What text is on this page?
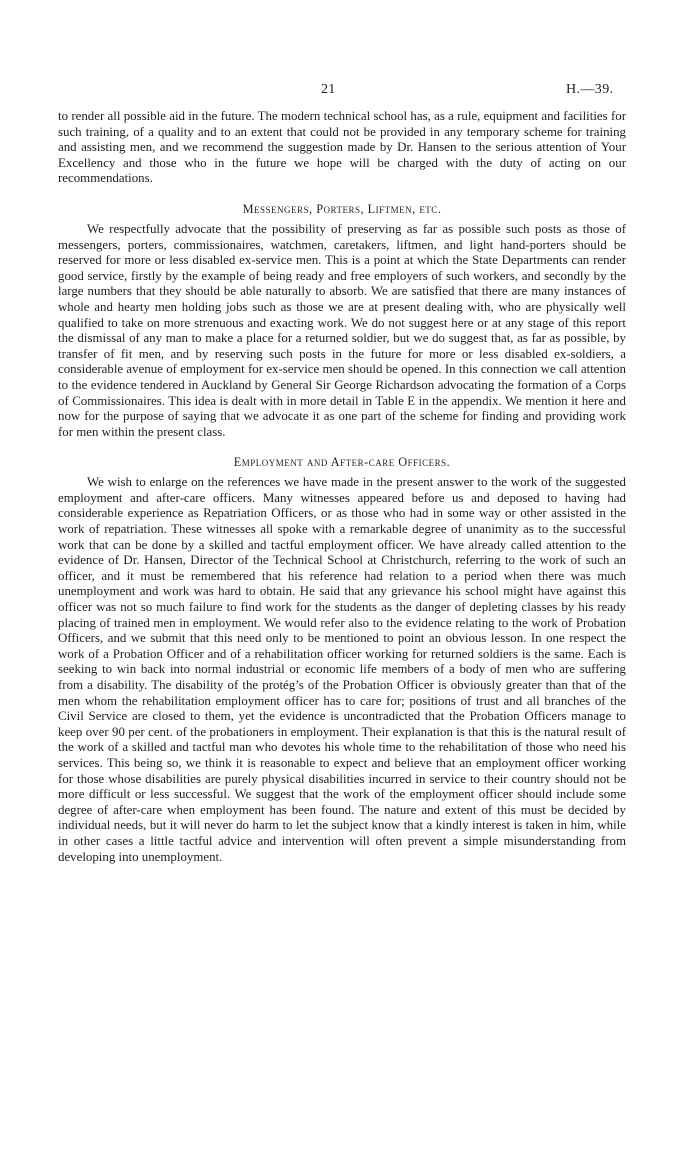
21	H.—39.

to render all possible aid in the future. The modern technical school has, as a rule, equipment and facilities for such training, of a quality and to an extent that could not be provided in any temporary scheme for training and assisting men, and we recommend the suggestion made by Dr. Hansen to the serious attention of Your Excellency and those who in the future we hope will be charged with the duty of acting on our recommendations.

Messengers, Porters, Liftmen, etc.

We respectfully advocate that the possibility of preserving as far as possible such posts as those of messengers, porters, commissionaires, watchmen, caretakers, liftmen, and light hand-porters should be reserved for more or less disabled ex-service men. This is a point at which the State Departments can render good service, firstly by the example of being ready and free employers of such workers, and secondly by the large numbers that they should be able naturally to absorb. We are satisfied that there are many instances of whole and hearty men holding jobs such as those we are at present dealing with, who are physically well qualified to take on more strenuous and exacting work. We do not suggest here or at any stage of this report the dismissal of any man to make a place for a returned soldier, but we do suggest that, as far as possible, by transfer of fit men, and by reserving such posts in the future for more or less disabled ex-soldiers, a considerable avenue of employment for ex-service men should be opened. In this connection we call attention to the evidence tendered in Auckland by General Sir George Richardson advocating the formation of a Corps of Commissionaires. This idea is dealt with in more detail in Table E in the appendix. We mention it here and now for the purpose of saying that we advocate it as one part of the scheme for finding and providing work for men within the present class.

Employment and After-care Officers.

We wish to enlarge on the references we have made in the present answer to the work of the suggested employment and after-care officers. Many witnesses appeared before us and deposed to having had considerable experience as Repatriation Officers, or as those who had in some way or other assisted in the work of repatriation. These witnesses all spoke with a remarkable degree of unanimity as to the successful work that can be done by a skilled and tactful employment officer. We have already called attention to the evidence of Dr. Hansen, Director of the Technical School at Christchurch, referring to the work of such an officer, and it must be remembered that his reference had relation to a period when there was much unemployment and work was hard to obtain. He said that any grievance his school might have against this officer was not so much failure to find work for the students as the danger of depleting classes by his ready placing of trained men in employment. We would refer also to the evidence relating to the work of Probation Officers, and we submit that this need only to be mentioned to point an obvious lesson. In one respect the work of a Probation Officer and of a rehabilitation officer working for returned soldiers is the same. Each is seeking to win back into normal industrial or economic life members of a body of men who are suffering from a disability. The disability of the protég’s of the Probation Officer is obviously greater than that of the men whom the rehabilitation employment officer has to care for; positions of trust and all branches of the Civil Service are closed to them, yet the evidence is uncontradicted that the Probation Officers manage to keep over 90 per cent. of the probationers in employment. Their explanation is that this is the natural result of the work of a skilled and tactful man who devotes his whole time to the rehabilitation of those who need his services. This being so, we think it is reasonable to expect and believe that an employment officer working for those whose disabilities are purely physical disabilities incurred in service to their country should not be more difficult or less successful. We suggest that the work of the employment officer should include some degree of after-care when employment has been found. The nature and extent of this must be decided by individual needs, but it will never do harm to let the subject know that a kindly interest is taken in him, while in other cases a little tactful advice and intervention will often prevent a simple misunderstanding from developing into unemployment.
